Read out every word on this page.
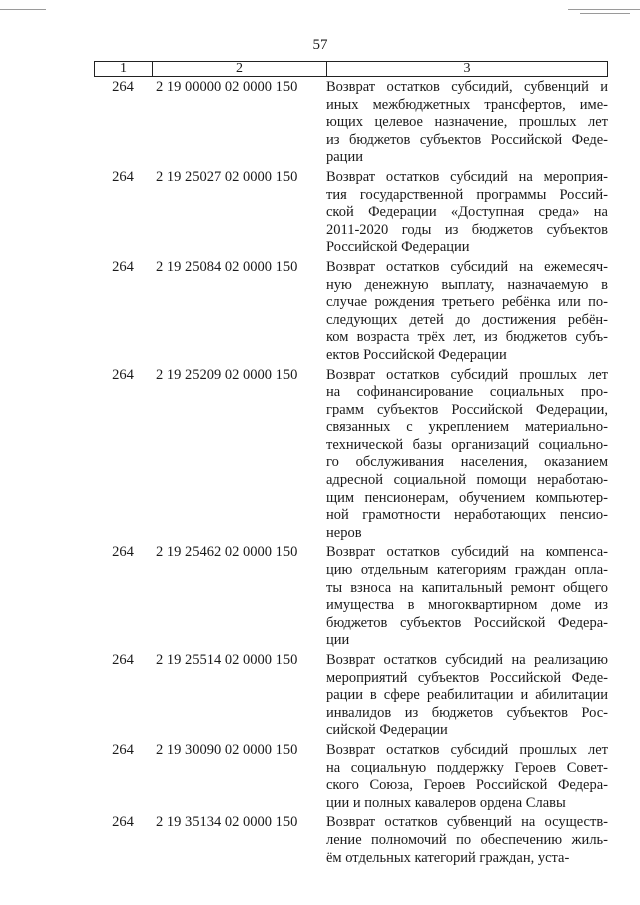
57
1	2	3
264	2 19 00000 02 0000 150	Возврат остатков субсидий, субвенций и
иных межбюджетных трансфертов, име-
ющих целевое назначение, прошлых лет
из бюджетов субъектов Российской Феде-
рации
264	2 19 25027 02 0000 150	Возврат остатков субсидий на мероприя-
тия государственной программы Россий-
ской Федерации «Доступная среда» на
2011-2020 годы из бюджетов субъектов
Российской Федерации
264	2 19 25084 02 0000 150	Возврат остатков субсидий на ежемесяч-
ную денежную выплату, назначаемую в
случае рождения третьего ребёнка или по-
следующих детей до достижения ребён-
ком возраста трёх лет, из бюджетов субъ-
ектов Российской Федерации
264	2 19 25209 02 0000 150	Возврат остатков субсидий прошлых лет
на софинансирование социальных про-
грамм субъектов Российской Федерации,
связанных с укреплением материально-
технической базы организаций социально-
го обслуживания населения, оказанием
адресной социальной помощи неработаю-
щим пенсионерам, обучением компьютер-
ной грамотности неработающих пенсио-
неров
264	2 19 25462 02 0000 150	Возврат остатков субсидий на компенса-
цию отдельным категориям граждан опла-
ты взноса на капитальный ремонт общего
имущества в многоквартирном доме из
бюджетов субъектов Российской Федера-
ции
264	2 19 25514 02 0000 150	Возврат остатков субсидий на реализацию
мероприятий субъектов Российской Феде-
рации в сфере реабилитации и абилитации
инвалидов из бюджетов субъектов Рос-
сийской Федерации
264	2 19 30090 02 0000 150	Возврат остатков субсидий прошлых лет
на социальную поддержку Героев Совет-
ского Союза, Героев Российской Федера-
ции и полных кавалеров ордена Славы
264	2 19 35134 02 0000 150	Возврат остатков субвенций на осуществ-
ление полномочий по обеспечению жиль-
ём отдельных категорий граждан, уста-
